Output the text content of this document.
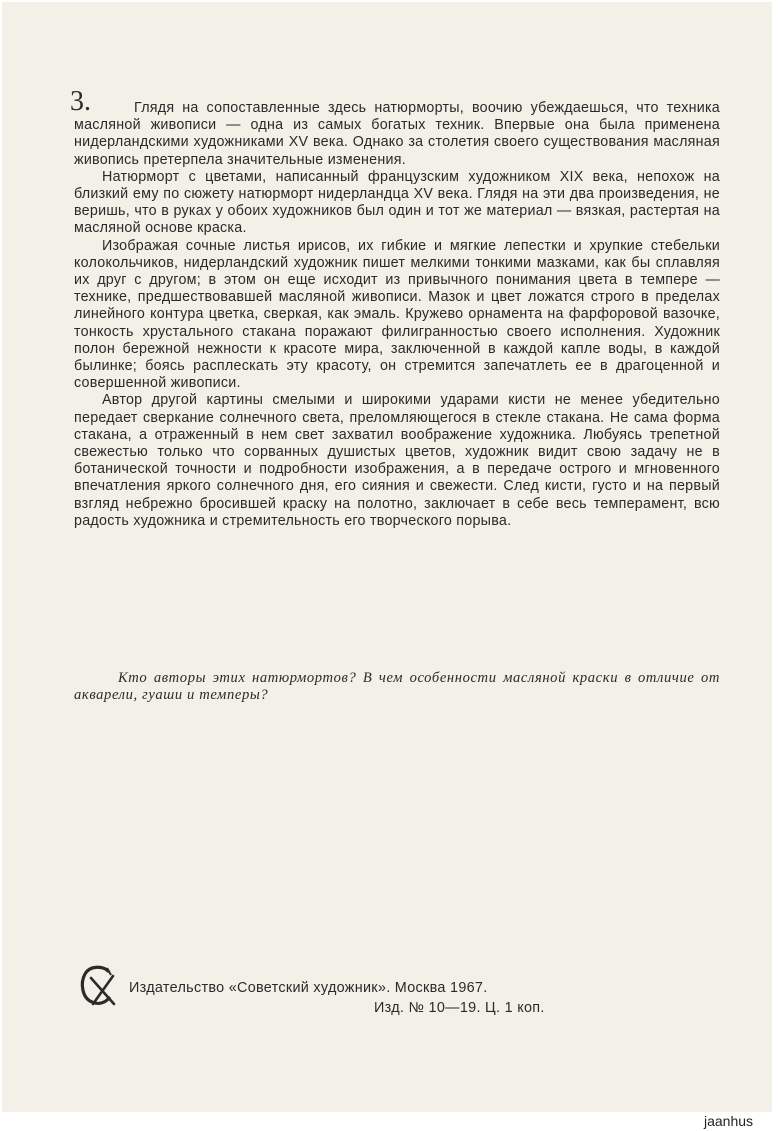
3.	Глядя на сопоставленные здесь натюрморты, воочию убеждаешься, что техника масляной живописи — одна из самых богатых техник. Впервые она была применена нидерландскими художниками XV века. Однако за столетия своего существования масляная живопись претерпела значительные изменения.

Натюрморт с цветами, написанный французским художником XIX века, непохож на близкий ему по сюжету натюрморт нидерландца XV века. Глядя на эти два произведения, не веришь, что в руках у обоих художников был один и тот же материал — вязкая, растертая на масляной основе краска.

Изображая сочные листья ирисов, их гибкие и мягкие лепестки и хрупкие стебельки колокольчиков, нидерландский художник пишет мелкими тонкими мазками, как бы сплавляя их друг с другом; в этом он еще исходит из привычного понимания цвета в темпере — технике, предшествовавшей масляной живописи. Мазок и цвет ложатся строго в пределах линейного контура цветка, сверкая, как эмаль. Кружево орнамента на фарфоровой вазочке, тонкость хрустального стакана поражают филигранностью своего исполнения. Художник полон бережной нежности к красоте мира, заключенной в каждой капле воды, в каждой былинке; боясь расплескать эту красоту, он стремится запечатлеть ее в драгоценной и совершенной живописи.

Автор другой картины смелыми и широкими ударами кисти не менее убедительно передает сверкание солнечного света, преломляющегося в стекле стакана. Не сама форма стакана, а отраженный в нем свет захватил воображение художника. Любуясь трепетной свежестью только что сорванных душистых цветов, художник видит свою задачу не в ботанической точности и подробности изображения, а в передаче острого и мгновенного впечатления яркого солнечного дня, его сияния и свежести. След кисти, густо и на первый взгляд небрежно бросившей краску на полотно, заключает в себе весь темперамент, всю радость художника и стремительность его творческого порыва.

Кто авторы этих натюрмортов? В чем особенности масляной краски в отличие от акварели, гуаши и темперы?
Издательство «Советский художник». Москва 1967.
Изд. № 10—19. Ц. 1 коп.
jaanhus
